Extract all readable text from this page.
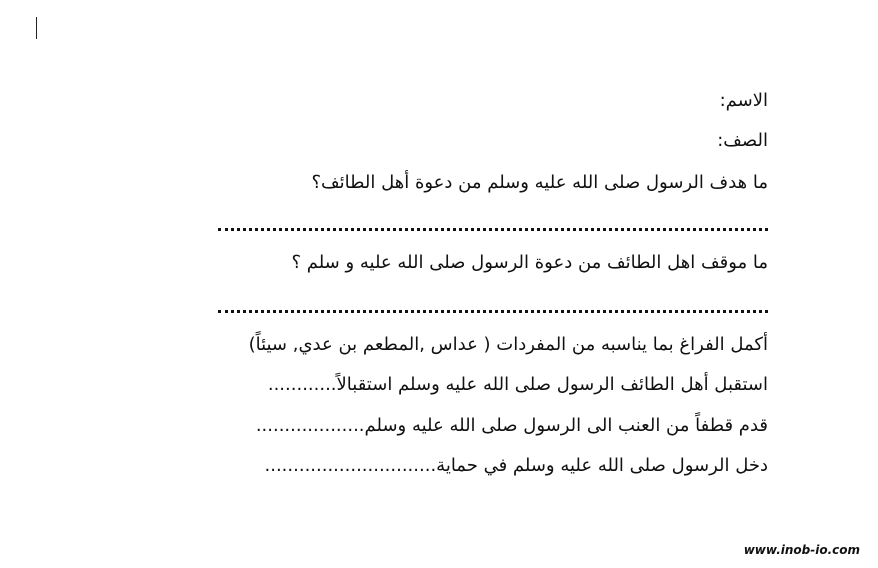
الاسم:
الصف:
ما هدف الرسول صلى الله عليه وسلم من دعوة أهل الطائف؟
ما موقف اهل الطائف من دعوة الرسول صلى الله عليه و سلم ؟
أكمل الفراغ بما يناسبه من المفردات ( عداس ,المطعم بن عدي, سيئاً)
استقبل أهل الطائف الرسول صلى الله عليه وسلم استقبالاً............
قدم قطفاً من العنب الى الرسول صلى الله عليه وسلم...................
دخل الرسول صلى الله عليه وسلم في حماية..............................
www.inob-io.com
